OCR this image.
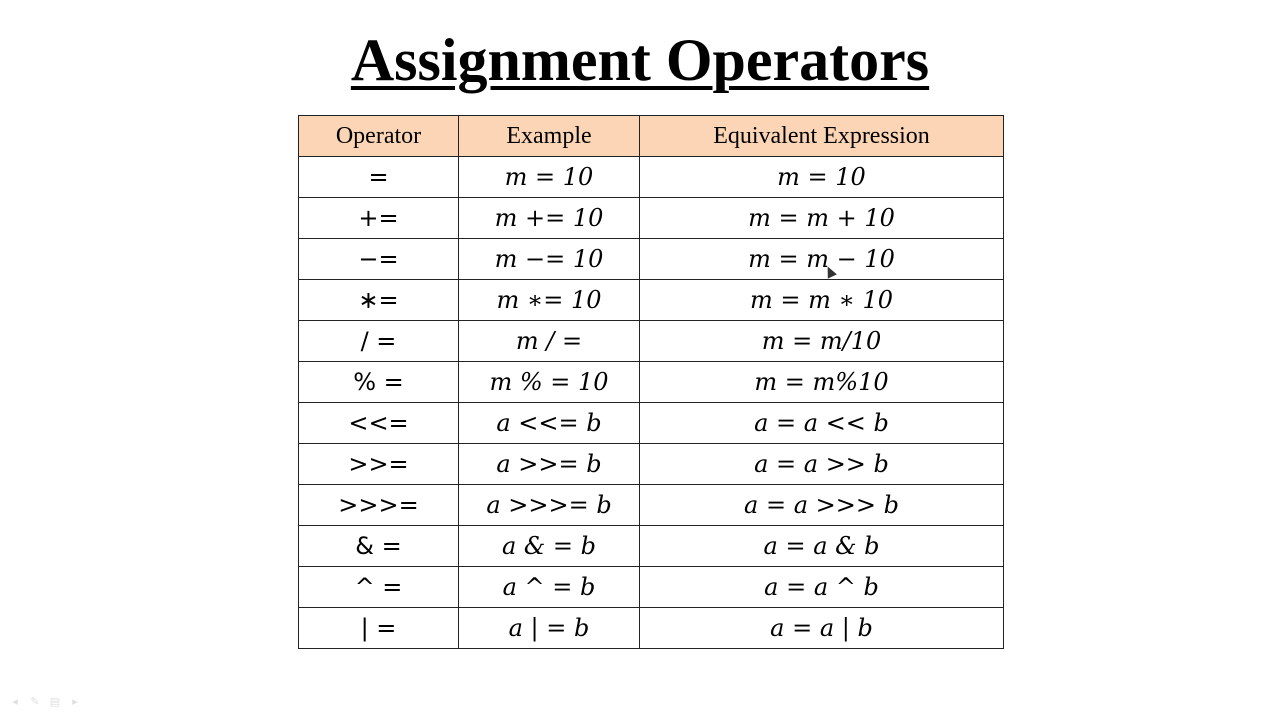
Assignment Operators
Operator	Example	Equivalent Expression
=	m = 10	m = 10
+=	m += 10	m = m + 10
−=	m −= 10	m = m − 10
∗=	m ∗= 10	m = m ∗ 10
/ =	m / =	m = m/10
% =	m % = 10	m = m%10
<<=	a <<= b	a = a << b
>>=	a >>= b	a = a >> b
>>>=	a >>>= b	a = a >>> b
& =	a & = b	a = a & b
^ =	a ^ = b	a = a ^ b
| =	a | = b	a = a | b
◂	✎ ▤	▸
